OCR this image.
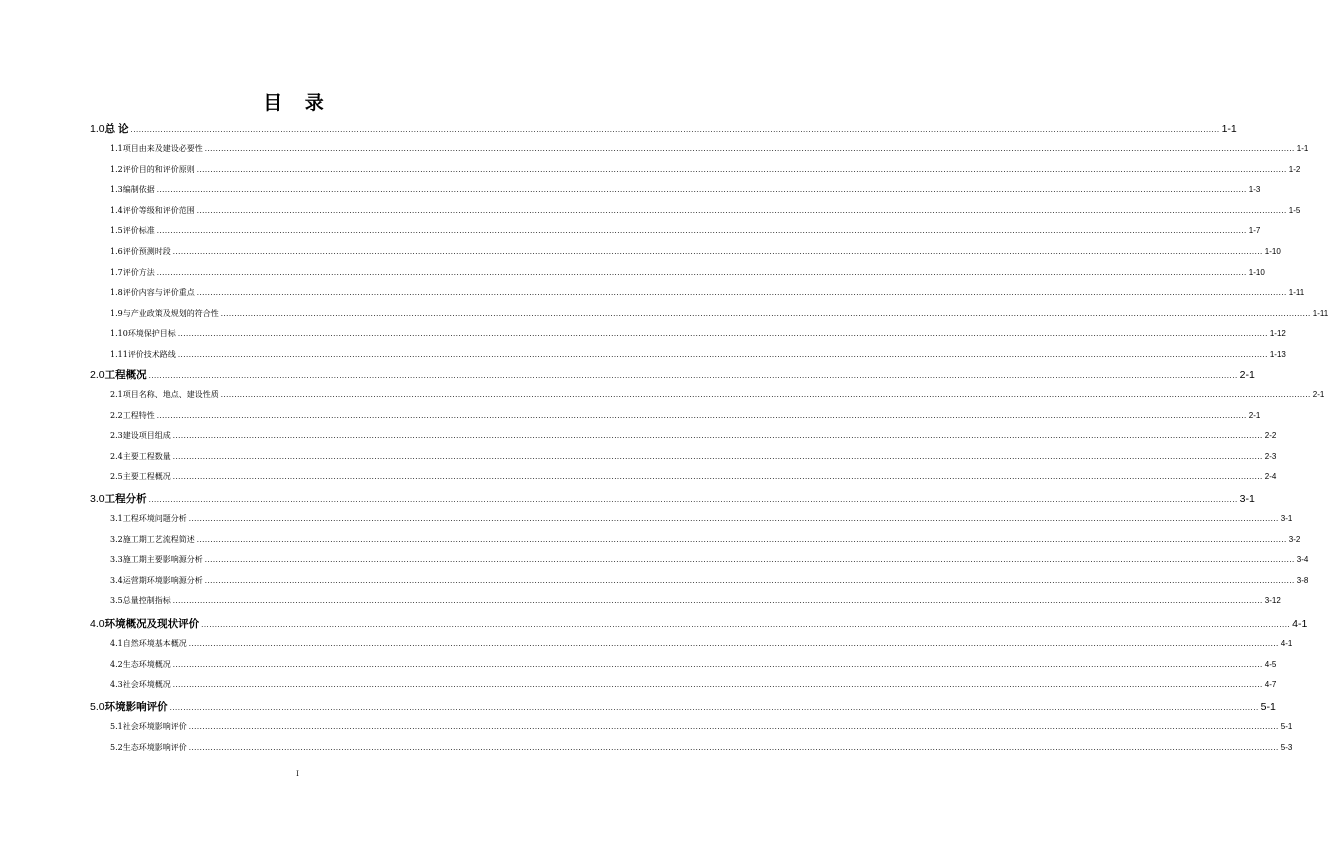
目 录
1.0 总 论 ................................................................................................................................................................................................................................................................................................................................................................................................................ 1-1
1.1 项目由来及建设必要性 ................................................................................................................................................................................................................................................................................................................................................................................................................ 1-1
1.2 评价目的和评价原则 ................................................................................................................................................................................................................................................................................................................................................................................................................ 1-2
1.3 编制依据 ................................................................................................................................................................................................................................................................................................................................................................................................................ 1-3
1.4 评价等级和评价范围 ................................................................................................................................................................................................................................................................................................................................................................................................................ 1-5
1.5 评价标准 ................................................................................................................................................................................................................................................................................................................................................................................................................ 1-7
1.6 评价预测时段 ................................................................................................................................................................................................................................................................................................................................................................................................................ 1-10
1.7 评价方法 ................................................................................................................................................................................................................................................................................................................................................................................................................ 1-10
1.8 评价内容与评价重点 ................................................................................................................................................................................................................................................................................................................................................................................................................ 1-11
1.9 与产业政策及规划的符合性 ................................................................................................................................................................................................................................................................................................................................................................................................................ 1-11
1.10 环境保护目标 ................................................................................................................................................................................................................................................................................................................................................................................................................ 1-12
1.11 评价技术路线 ................................................................................................................................................................................................................................................................................................................................................................................................................ 1-13
2.0 工程概况 ................................................................................................................................................................................................................................................................................................................................................................................................................ 2-1
2.1 项目名称、地点、建设性质 ................................................................................................................................................................................................................................................................................................................................................................................................................ 2-1
2.2 工程特性 ................................................................................................................................................................................................................................................................................................................................................................................................................ 2-1
2.3 建设项目组成 ................................................................................................................................................................................................................................................................................................................................................................................................................ 2-2
2.4 主要工程数量 ................................................................................................................................................................................................................................................................................................................................................................................................................ 2-3
2.5 主要工程概况 ................................................................................................................................................................................................................................................................................................................................................................................................................ 2-4
3.0 工程分析 ................................................................................................................................................................................................................................................................................................................................................................................................................ 3-1
3.1 工程环境问题分析 ................................................................................................................................................................................................................................................................................................................................................................................................................ 3-1
3.2 施工期工艺流程简述 ................................................................................................................................................................................................................................................................................................................................................................................................................ 3-2
3.3 施工期主要影响源分析 ................................................................................................................................................................................................................................................................................................................................................................................................................ 3-4
3.4 运营期环境影响源分析 ................................................................................................................................................................................................................................................................................................................................................................................................................ 3-8
3.5 总量控制指标 ................................................................................................................................................................................................................................................................................................................................................................................................................ 3-12
4.0 环境概况及现状评价 ................................................................................................................................................................................................................................................................................................................................................................................................................ 4-1
4.1 自然环境基本概况 ................................................................................................................................................................................................................................................................................................................................................................................................................ 4-1
4.2 生态环境概况 ................................................................................................................................................................................................................................................................................................................................................................................................................ 4-5
4.3 社会环境概况 ................................................................................................................................................................................................................................................................................................................................................................................................................ 4-7
5.0 环境影响评价 ................................................................................................................................................................................................................................................................................................................................................................................................................ 5-1
5.1 社会环境影响评价 ................................................................................................................................................................................................................................................................................................................................................................................................................ 5-1
5.2 生态环境影响评价 ................................................................................................................................................................................................................................................................................................................................................................................................................ 5-3
I
